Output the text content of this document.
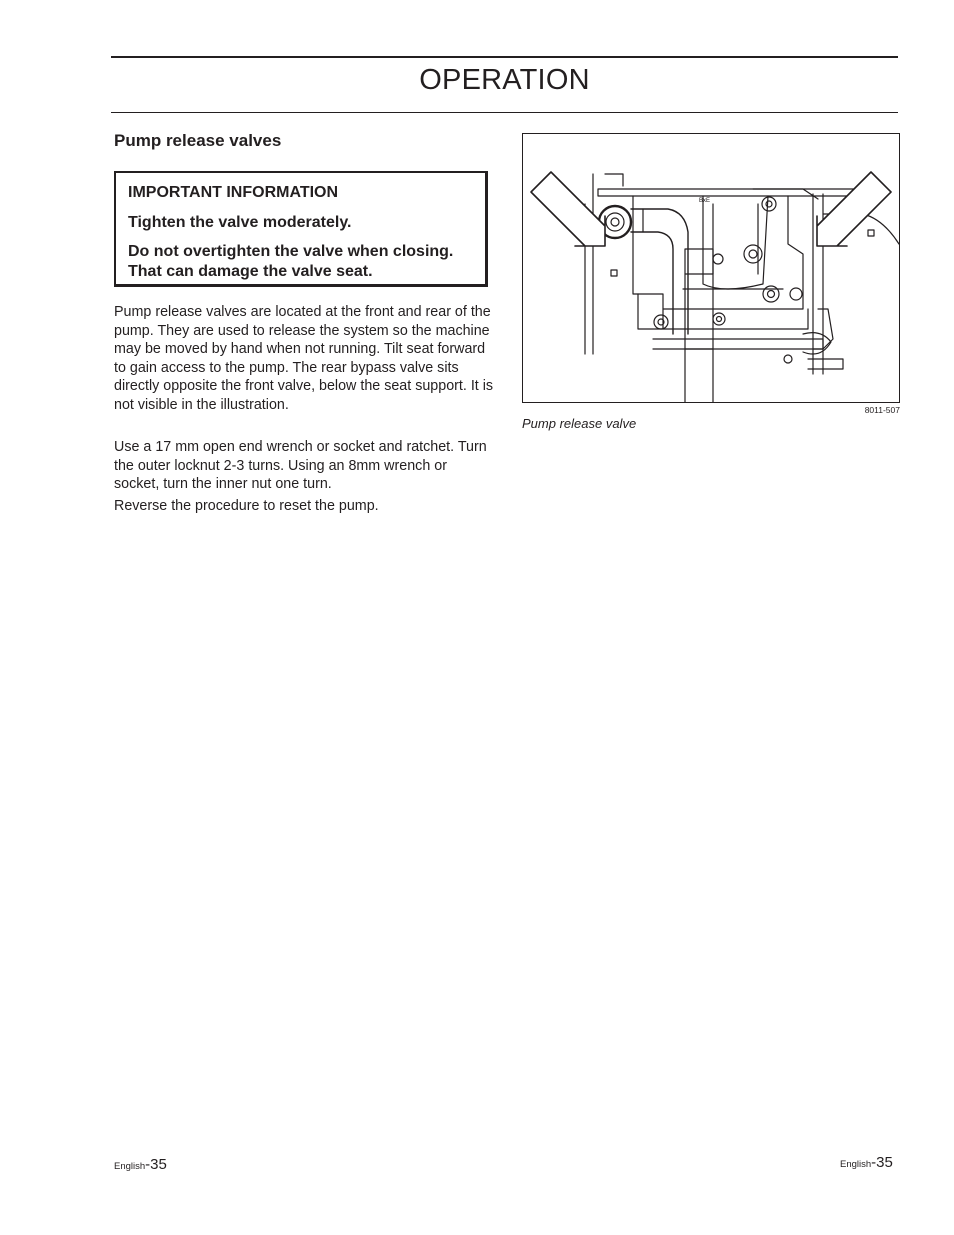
OPERATION
Pump release valves

IMPORTANT INFORMATION

Tighten the valve moderately.

Do not overtighten the valve when closing. That can damage the valve seat.

Pump release valves are located at the front and rear of the pump. They are used to release the system so the machine may be moved by hand when not running. Tilt seat forward to gain access to the pump. The rear bypass valve sits directly opposite the front valve, below the seat support. It is not visible in the illustration.

Use a 17 mm open end wrench or socket and ratchet. Turn the outer locknut 2-3 turns. Using an 8mm wrench or socket, turn the inner nut one turn.

Reverse the procedure to reset the pump.

BxE
8011-507
Pump release valve
English-35	English-35
